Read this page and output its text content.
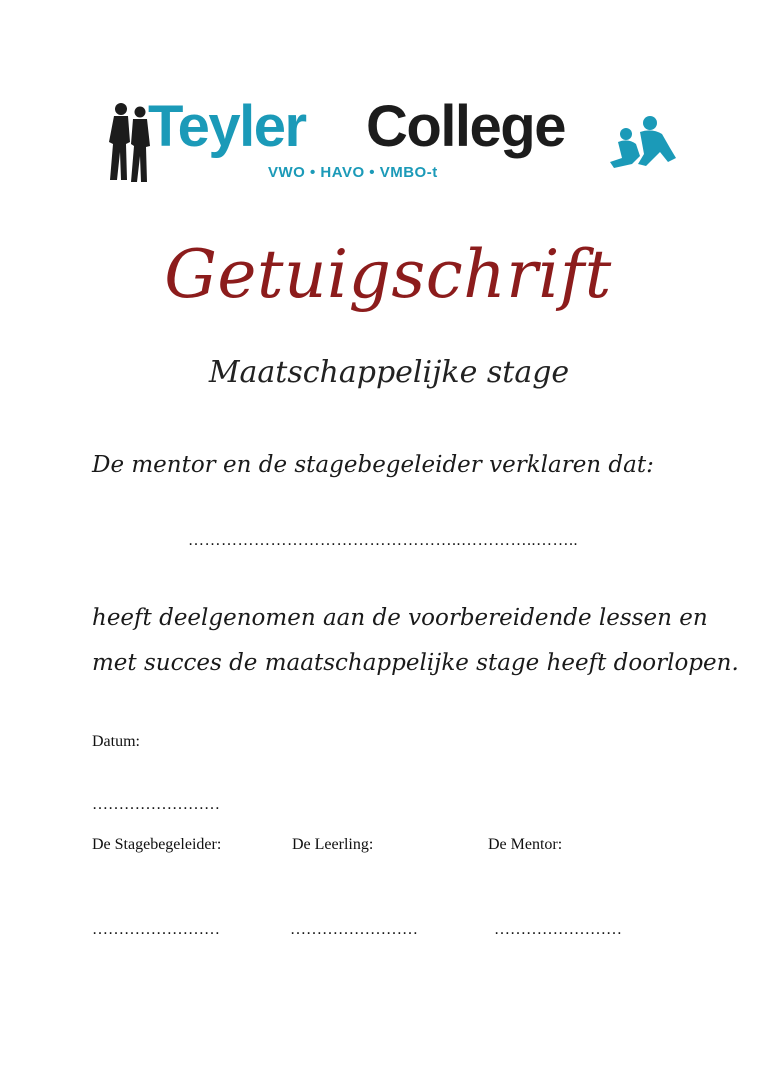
Teyler College
VWO • HAVO • VMBO-t
Getuigschrift
Maatschappelijke stage
De mentor en de stagebegeleider verklaren dat:
…………………………………………..…………..……..
heeft deelgenomen aan de voorbereidende lessen en
met succes de maatschappelijke stage heeft doorlopen.
Datum:
……………………
De Stagebegeleider:	De Leerling:	De Mentor:
……………………	……………………	……………………
